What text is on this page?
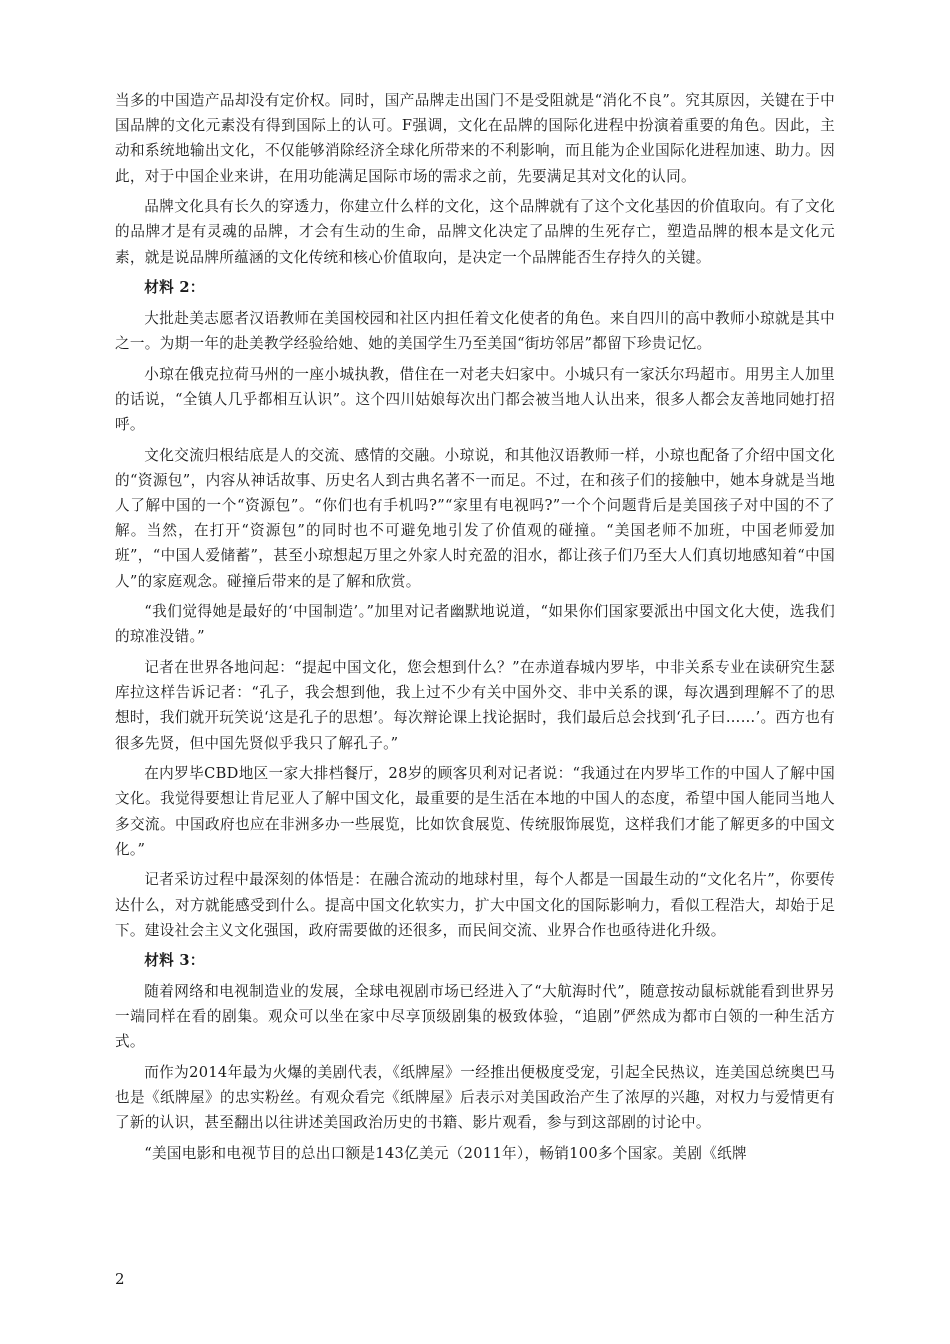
当多的中国造产品却没有定价权。同时，国产品牌走出国门不是受阻就是“消化不良”。究其原因，关键在于中国品牌的文化元素没有得到国际上的认可。F强调，文化在品牌的国际化进程中扮演着重要的角色。因此，主动和系统地输出文化，不仅能够消除经济全球化所带来的不利影响，而且能为企业国际化进程加速、助力。因此，对于中国企业来讲，在用功能满足国际市场的需求之前，先要满足其对文化的认同。

品牌文化具有长久的穿透力，你建立什么样的文化，这个品牌就有了这个文化基因的价值取向。有了文化的品牌才是有灵魂的品牌，才会有生动的生命，品牌文化决定了品牌的生死存亡，塑造品牌的根本是文化元素，就是说品牌所蕴涵的文化传统和核心价值取向，是决定一个品牌能否生存持久的关键。

材料 2：

大批赴美志愿者汉语教师在美国校园和社区内担任着文化使者的角色。来自四川的高中教师小琼就是其中之一。为期一年的赴美教学经验给她、她的美国学生乃至美国“街坊邻居”都留下珍贵记忆。

小琼在俄克拉荷马州的一座小城执教，借住在一对老夫妇家中。小城只有一家沃尔玛超市。用男主人加里的话说，“全镇人几乎都相互认识”。这个四川姑娘每次出门都会被当地人认出来，很多人都会友善地同她打招呼。

文化交流归根结底是人的交流、感情的交融。小琼说，和其他汉语教师一样，小琼也配备了介绍中国文化的“资源包”，内容从神话故事、历史名人到古典名著不一而足。不过，在和孩子们的接触中，她本身就是当地人了解中国的一个“资源包”。“你们也有手机吗?”“家里有电视吗?”一个个问题背后是美国孩子对中国的不了解。当然，在打开“资源包”的同时也不可避免地引发了价值观的碰撞。“美国老师不加班，中国老师爱加班”，“中国人爱储蓄”，甚至小琼想起万里之外家人时充盈的泪水，都让孩子们乃至大人们真切地感知着“中国人”的家庭观念。碰撞后带来的是了解和欣赏。

“我们觉得她是最好的‘中国制造’。”加里对记者幽默地说道，“如果你们国家要派出中国文化大使，选我们的琼准没错。”

记者在世界各地问起：“提起中国文化，您会想到什么？”在赤道春城内罗毕，中非关系专业在读研究生瑟库拉这样告诉记者：“孔子，我会想到他，我上过不少有关中国外交、非中关系的课，每次遇到理解不了的思想时，我们就开玩笑说‘这是孔子的思想’。每次辩论课上找论据时，我们最后总会找到‘孔子曰……’。西方也有很多先贤，但中国先贤似乎我只了解孔子。”

在内罗毕CBD地区一家大排档餐厅，28岁的顾客贝利对记者说：“我通过在内罗毕工作的中国人了解中国文化。我觉得要想让肯尼亚人了解中国文化，最重要的是生活在本地的中国人的态度，希望中国人能同当地人多交流。中国政府也应在非洲多办一些展览，比如饮食展览、传统服饰展览，这样我们才能了解更多的中国文化。”

记者采访过程中最深刻的体悟是：在融合流动的地球村里，每个人都是一国最生动的“文化名片”，你要传达什么，对方就能感受到什么。提高中国文化软实力，扩大中国文化的国际影响力，看似工程浩大，却始于足下。建设社会主义文化强国，政府需要做的还很多，而民间交流、业界合作也亟待进化升级。

材料 3：

随着网络和电视制造业的发展，全球电视剧市场已经进入了“大航海时代”，随意按动鼠标就能看到世界另一端同样在看的剧集。观众可以坐在家中尽享顶级剧集的极致体验，“追剧”俨然成为都市白领的一种生活方式。

而作为2014年最为火爆的美剧代表，《纸牌屋》一经推出便极度受宠，引起全民热议，连美国总统奥巴马也是《纸牌屋》的忠实粉丝。有观众看完《纸牌屋》后表示对美国政治产生了浓厚的兴趣，对权力与爱情更有了新的认识，甚至翻出以往讲述美国政治历史的书籍、影片观看，参与到这部剧的讨论中。

“美国电影和电视节目的总出口额是143亿美元（2011年），畅销100多个国家。美剧《纸牌

2
